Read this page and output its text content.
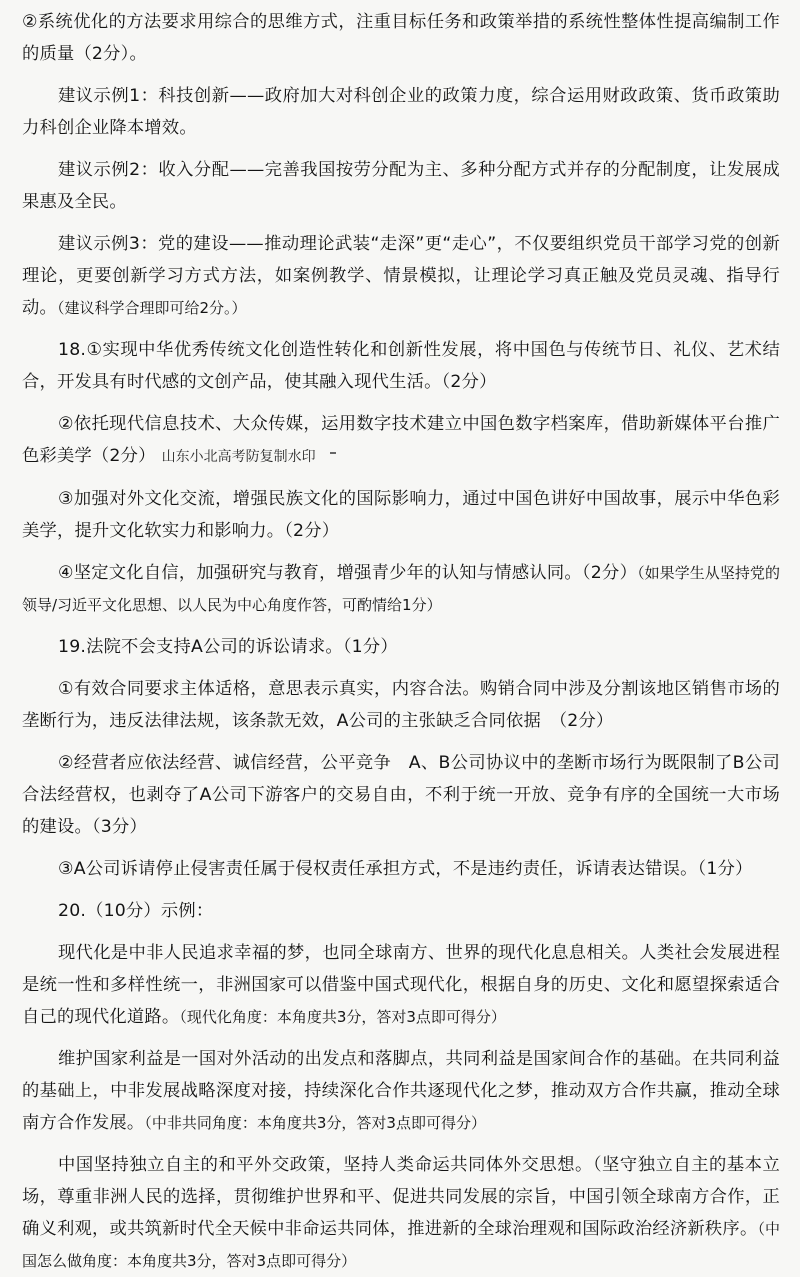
②系统优化的方法要求用综合的思维方式，注重目标任务和政策举措的系统性整体性提高编制工作的质量（2分）。

建议示例1：科技创新——政府加大对科创企业的政策力度，综合运用财政政策、货币政策助力科创企业降本增效。

建议示例2：收入分配——完善我国按劳分配为主、多种分配方式并存的分配制度，让发展成果惠及全民。

建议示例3：党的建设——推动理论武装“走深”更“走心”，不仅要组织党员干部学习党的创新理论，更要创新学习方式方法，如案例教学、情景模拟，让理论学习真正触及党员灵魂、指导行动。（建议科学合理即可给2分。）

18.①实现中华优秀传统文化创造性转化和创新性发展，将中国色与传统节日、礼仪、艺术结合，开发具有时代感的文创产品，使其融入现代生活。（2分）

②依托现代信息技术、大众传媒，运用数字技术建立中国色数字档案库，借助新媒体平台推广色彩美学（2分） 山东小北高考防复制水印

③加强对外文化交流，增强民族文化的国际影响力，通过中国色讲好中国故事，展示中华色彩美学，提升文化软实力和影响力。（2分）

④坚定文化自信，加强研究与教育，增强青少年的认知与情感认同。（2分）（如果学生从坚持党的领导/习近平文化思想、以人民为中心角度作答，可酌情给1分）

19.法院不会支持A公司的诉讼请求。（1分）

①有效合同要求主体适格，意思表示真实，内容合法。购销合同中涉及分割该地区销售市场的垄断行为，违反法律法规，该条款无效，A公司的主张缺乏合同依据　（2分）

②经营者应依法经营、诚信经营，公平竞争　A、B公司协议中的垄断市场行为既限制了B公司合法经营权，也剥夺了A公司下游客户的交易自由，不利于统一开放、竞争有序的全国统一大市场的建设。（3分）

③A公司诉请停止侵害责任属于侵权责任承担方式，不是违约责任，诉请表达错误。（1分）

20.（10分）示例：

现代化是中非人民追求幸福的梦，也同全球南方、世界的现代化息息相关。人类社会发展进程是统一性和多样性统一，非洲国家可以借鉴中国式现代化，根据自身的历史、文化和愿望探索适合自己的现代化道路。（现代化角度：本角度共3分，答对3点即可得分）

维护国家利益是一国对外活动的出发点和落脚点，共同利益是国家间合作的基础。在共同利益的基础上，中非发展战略深度对接，持续深化合作共逐现代化之梦，推动双方合作共赢，推动全球南方合作发展。（中非共同角度：本角度共3分，答对3点即可得分）

中国坚持独立自主的和平外交政策，坚持人类命运共同体外交思想。（坚守独立自主的基本立场，尊重非洲人民的选择，贯彻维护世界和平、促进共同发展的宗旨，中国引领全球南方合作，正确义利观，或共筑新时代全天候中非命运共同体，推进新的全球治理观和国际政治经济新秩序。（中国怎么做角度：本角度共3分，答对3点即可得分）
